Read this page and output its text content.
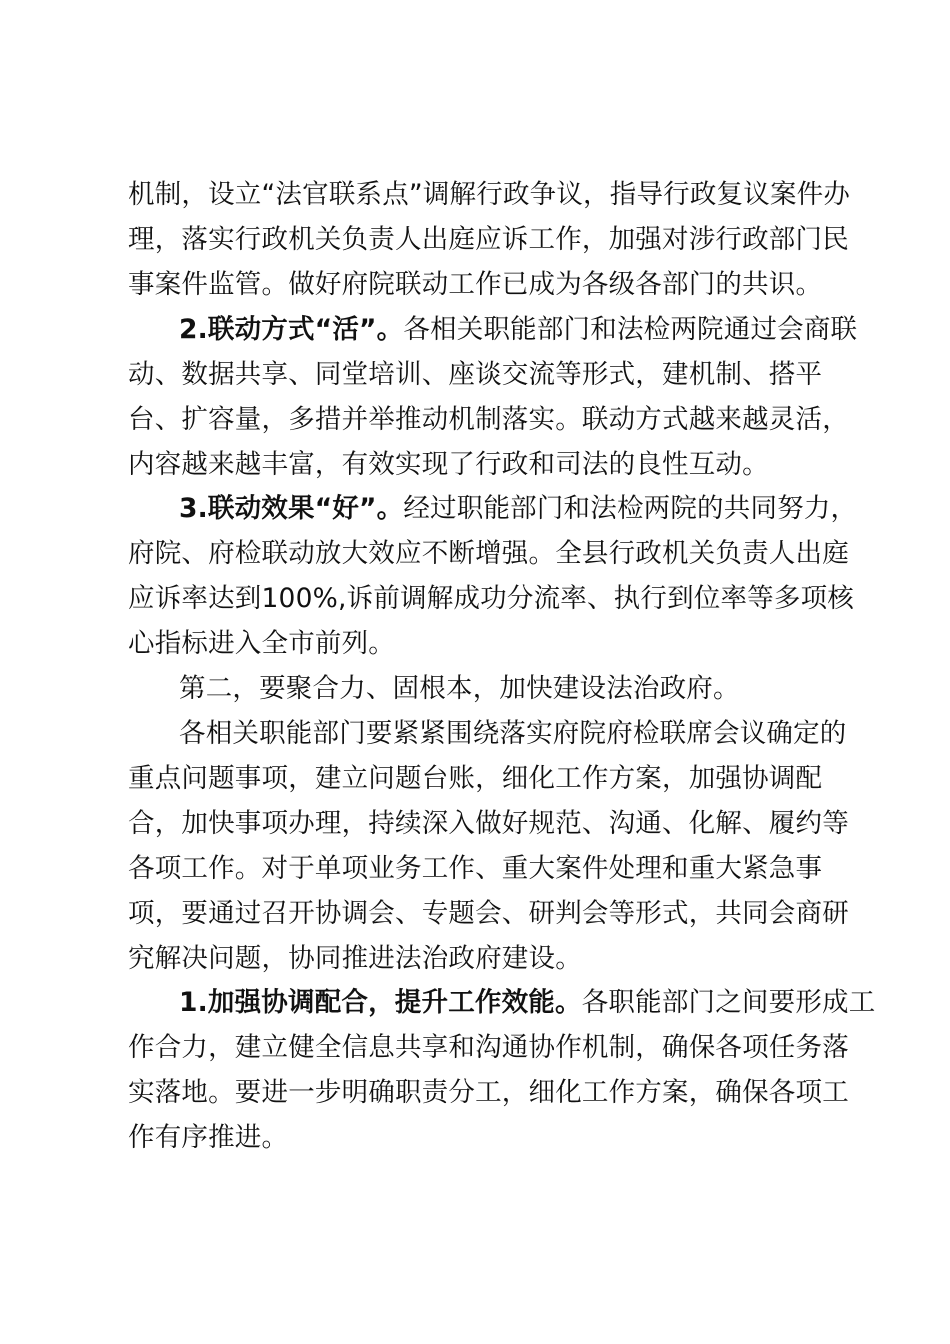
机制，设立“法官联系点”调解行政争议，指导行政复议案件办
理，落实行政机关负责人出庭应诉工作，加强对涉行政部门民
事案件监管。做好府院联动工作已成为各级各部门的共识。
2.联动方式“活”。各相关职能部门和法检两院通过会商联
动、数据共享、同堂培训、座谈交流等形式，建机制、搭平
台、扩容量，多措并举推动机制落实。联动方式越来越灵活，
内容越来越丰富，有效实现了行政和司法的良性互动。
3.联动效果“好”。经过职能部门和法检两院的共同努力，
府院、府检联动放大效应不断增强。全县行政机关负责人出庭
应诉率达到100%,诉前调解成功分流率、执行到位率等多项核
心指标进入全市前列。
第二，要聚合力、固根本，加快建设法治政府。
各相关职能部门要紧紧围绕落实府院府检联席会议确定的
重点问题事项，建立问题台账，细化工作方案，加强协调配
合，加快事项办理，持续深入做好规范、沟通、化解、履约等
各项工作。对于单项业务工作、重大案件处理和重大紧急事
项，要通过召开协调会、专题会、研判会等形式，共同会商研
究解决问题，协同推进法治政府建设。
1.加强协调配合，提升工作效能。各职能部门之间要形成工
作合力，建立健全信息共享和沟通协作机制，确保各项任务落
实落地。要进一步明确职责分工，细化工作方案，确保各项工
作有序推进。
